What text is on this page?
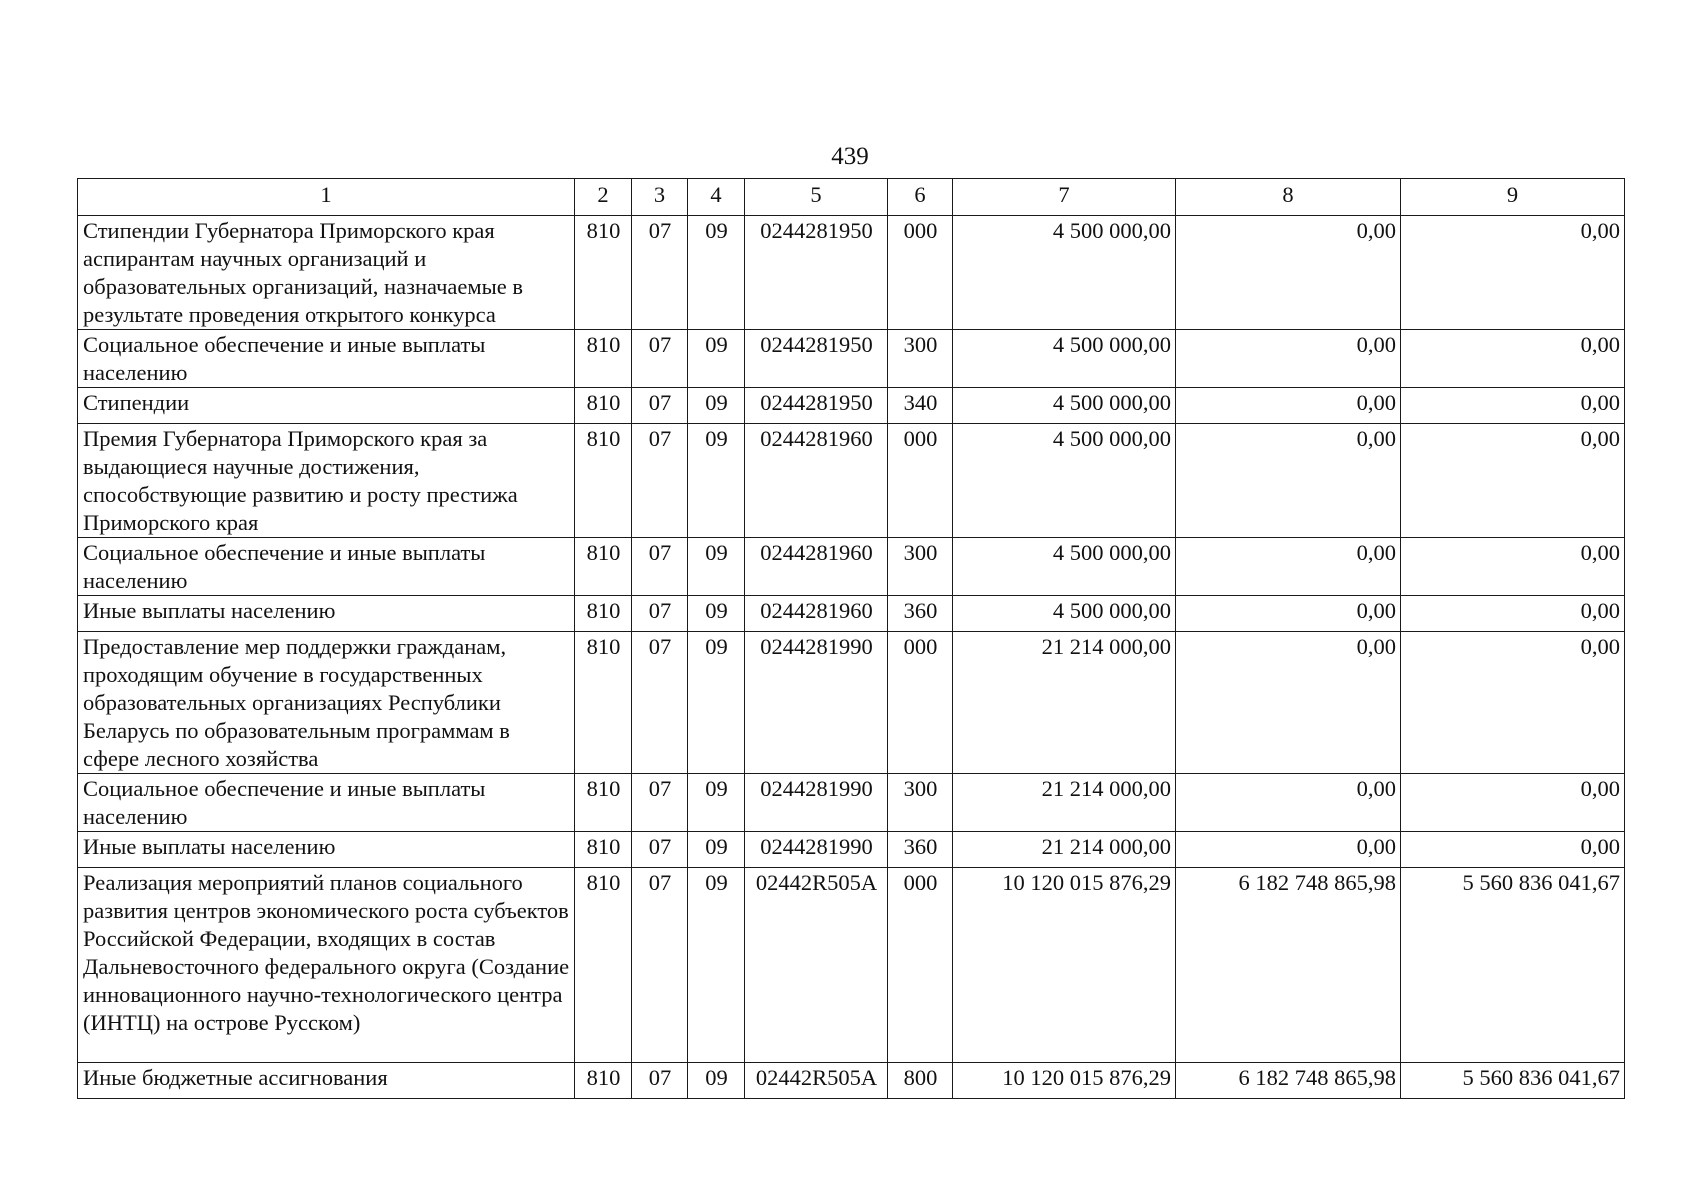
439
1	2	3	4	5	6	7	8	9
Стипендии Губернатора Приморского края аспирантам научных организаций и образовательных организаций, назначаемые в результате проведения открытого конкурса	810	07	09	0244281950	000	4 500 000,00	0,00	0,00
Социальное обеспечение и иные выплаты населению	810	07	09	0244281950	300	4 500 000,00	0,00	0,00
Стипендии	810	07	09	0244281950	340	4 500 000,00	0,00	0,00
Премия Губернатора Приморского края за выдающиеся научные достижения, способствующие развитию и росту престижа Приморского края	810	07	09	0244281960	000	4 500 000,00	0,00	0,00
Социальное обеспечение и иные выплаты населению	810	07	09	0244281960	300	4 500 000,00	0,00	0,00
Иные выплаты населению	810	07	09	0244281960	360	4 500 000,00	0,00	0,00
Предоставление мер поддержки гражданам, проходящим обучение в государственных образовательных организациях Республики Беларусь по образовательным программам в сфере лесного хозяйства	810	07	09	0244281990	000	21 214 000,00	0,00	0,00
Социальное обеспечение и иные выплаты населению	810	07	09	0244281990	300	21 214 000,00	0,00	0,00
Иные выплаты населению	810	07	09	0244281990	360	21 214 000,00	0,00	0,00
Реализация мероприятий планов социального развития центров экономического роста субъектов Российской Федерации, входящих в состав Дальневосточного федерального округа (Создание инновационного научно-технологического центра (ИНТЦ) на острове Русском)	810	07	09	02442R505A	000	10 120 015 876,29	6 182 748 865,98	5 560 836 041,67
Иные бюджетные ассигнования	810	07	09	02442R505A	800	10 120 015 876,29	6 182 748 865,98	5 560 836 041,67
